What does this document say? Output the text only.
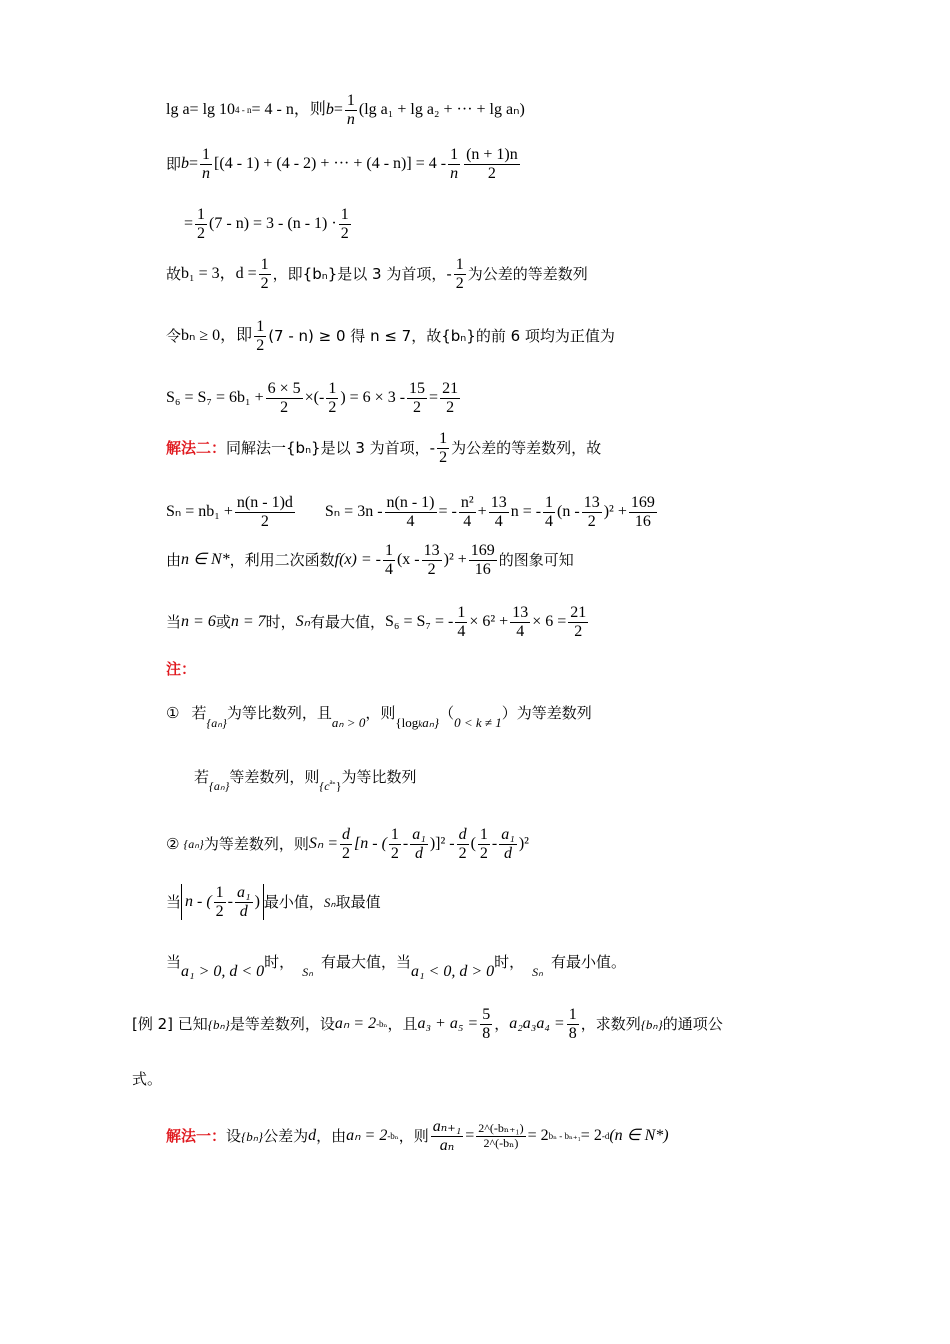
lg a = lg 10 4 - n = 4 - n，则 $b = \frac{1}{n} (\lg$ a₁ + lg a₂ + ··· + lg aₙ)
即 $b = \frac{1}{n} [(4 - 1) + (4 - 2)$ + ··· + $(4 - n)] = 4 - \frac{1}{n} \frac{(n + 1)n}{2}$
= $\frac{1}{2} (7 - n) = 3 - (n - 1) \cdot \frac{1}{2}$
故 b₁ = 3，$d = \frac{1}{2}$ ，即{bₙ}是以 3 为首项，- $\frac{1}{2}$ 为公差的等差数列
令 bₙ ≥ 0，即 $\frac{1}{2} (7 - n) \ge 0$ 得 n ≤ 7，故{bₙ}的前 6 项均为正值为
$S_6 = S_7 = 6b_1 + \frac{6 \times 5}{2}$ ×(- $\frac{1}{2}$ ) = $6 \times 3 - \frac{15}{2} = \frac{21}{2}$
解法二： 同解法一{bₙ}是以 3 为首项，- $\frac{1}{2}$ 为公差的等差数列，故
$S_n = nb_1 + \frac{n(n - 1)d}{2}$ $S_n = 3n - \frac{n(n - 1)}{4}$ = - $\frac{\text{n²}}{4} + \frac{13}{4}$ n = - $\frac{1}{4} (n - \frac{13}{2} )^2 + \frac{169}{16}$
由 n ∈ N* ，利用二次函数 f(x) = - $\frac{1}{4} (x - \frac{13}{2} )^2 + \frac{169}{16}$ 的图象可知
当 n = 6 或 n = 7 时， Sₙ 有最大值， S₆ = S₇ = - $\frac{1}{4} \times 6^2 + \frac{13}{4} \times 6 = \frac{21}{2}$
注：
① 若
{aₙ}
为等比数列，且
aₙ > 0
，则
{log k aₙ}
（
0 < k ≠ 1
）为等差数列
若
{aₙ}
等差数列，则
{c aₙ }
为等比数列
② {aₙ} 为等差数列，则 $S_n = \frac{d}{2} [n$ - ( $\frac{1}{2} - \frac{\text{a₁}}{d} )]^2 - \frac{d}{2}$ ( $\frac{1}{2} - \frac{\text{a₁}}{d} )^2$
当 n - ( $\frac{1}{2} - \frac{\text{a₁}}{d}$ ) 最小值， Sₙ 取最值
当
a₁ > 0, d < 0
时，
Sₙ
有最大值，当
a₁ < 0, d > 0
时，
Sₙ
有最小值。
[例 2] 已知 {bₙ} 是等差数列，设 aₙ = 2 -bₙ ，且 $a_3 + a_5 = \frac{5}{8}$ ， $a_2a_3a_4 = \frac{1}{8}$ ，求数列 {bₙ} 的通项公
式。
解法一： 设 {bₙ} 公差为 d ，由 aₙ = 2 -bₙ ，则 $\frac{\text{aₙ₊₁}}{\text{aₙ}} = \frac{\text{2\textasciicircum{}(-bₙ₊₁)}}{\text{2\textasciicircum{}(-bₙ)}} = 2$ bₙ - bₙ₊₁ = 2 -d (n ∈ N*)
